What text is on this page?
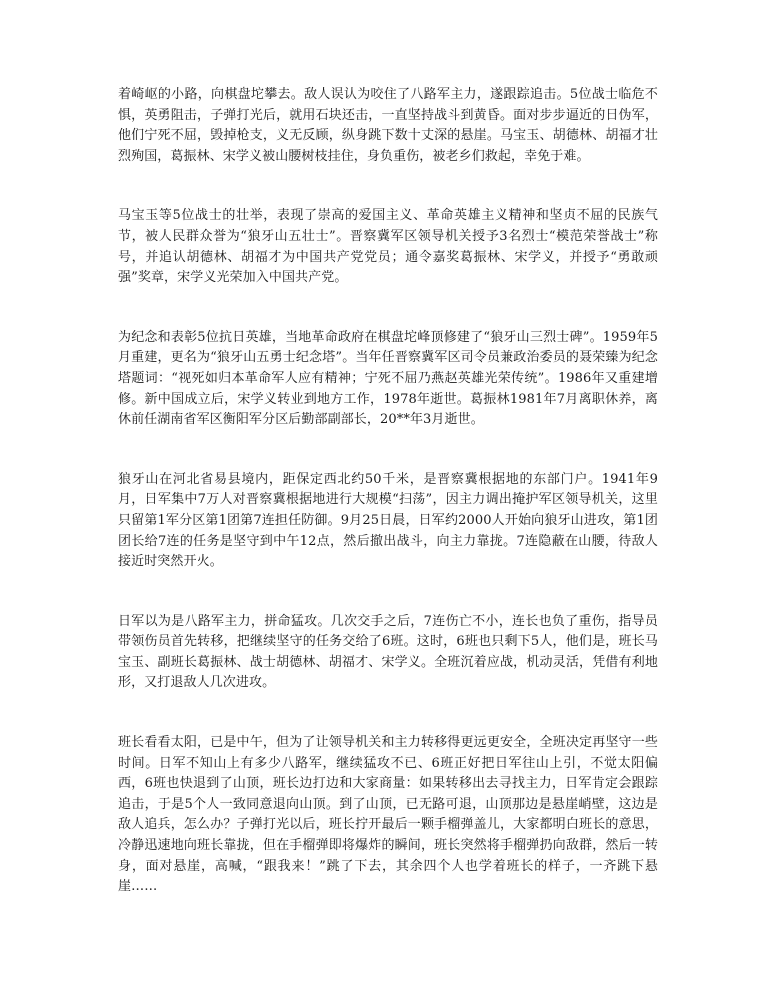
着崎岖的小路，向棋盘坨攀去。敌人误认为咬住了八路军主力，遂跟踪追击。5位战士临危不惧，英勇阻击，子弹打光后，就用石块还击，一直坚持战斗到黄昏。面对步步逼近的日伪军，他们宁死不屈，毁掉枪支，义无反顾，纵身跳下数十丈深的悬崖。马宝玉、胡德林、胡福才壮烈殉国，葛振林、宋学义被山腰树枝挂住，身负重伤，被老乡们救起，幸免于难。

马宝玉等5位战士的壮举，表现了崇高的爱国主义、革命英雄主义精神和坚贞不屈的民族气节，被人民群众誉为“狼牙山五壮士”。晋察冀军区领导机关授予3名烈士“模范荣誉战士”称号，并追认胡德林、胡福才为中国共产党党员；通令嘉奖葛振林、宋学义，并授予“勇敢顽强”奖章，宋学义光荣加入中国共产党。

为纪念和表彰5位抗日英雄，当地革命政府在棋盘坨峰顶修建了“狼牙山三烈士碑”。1959年5月重建，更名为“狼牙山五勇士纪念塔”。当年任晋察冀军区司令员兼政治委员的聂荣臻为纪念塔题词：“视死如归本革命军人应有精神；宁死不屈乃燕赵英雄光荣传统”。1986年又重建增修。新中国成立后，宋学义转业到地方工作，1978年逝世。葛振林1981年7月离职休养，离休前任湖南省军区衡阳军分区后勤部副部长，20**年3月逝世。

狼牙山在河北省易县境内，距保定西北约50千米，是晋察冀根据地的东部门户。1941年9月，日军集中7万人对晋察冀根据地进行大规模“扫荡”，因主力调出掩护军区领导机关，这里只留第1军分区第1团第7连担任防御。9月25日晨，日军约2000人开始向狼牙山进攻，第1团团长给7连的任务是坚守到中午12点，然后撤出战斗，向主力靠拢。7连隐蔽在山腰，待敌人接近时突然开火。

日军以为是八路军主力，拼命猛攻。几次交手之后，7连伤亡不小，连长也负了重伤，指导员带领伤员首先转移，把继续坚守的任务交给了6班。这时，6班也只剩下5人，他们是，班长马宝玉、副班长葛振林、战士胡德林、胡福才、宋学义。全班沉着应战，机动灵活，凭借有利地形，又打退敌人几次进攻。

班长看看太阳，已是中午，但为了让领导机关和主力转移得更远更安全，全班决定再坚守一些时间。日军不知山上有多少八路军，继续猛攻不已、6班正好把日军往山上引，不觉太阳偏西，6班也快退到了山顶，班长边打边和大家商量：如果转移出去寻找主力，日军肯定会跟踪追击，于是5个人一致同意退向山顶。到了山顶，已无路可退，山顶那边是悬崖峭壁，这边是敌人追兵，怎么办？子弹打光以后，班长拧开最后一颗手榴弹盖儿，大家都明白班长的意思，冷静迅速地向班长靠拢，但在手榴弹即将爆炸的瞬间，班长突然将手榴弹扔向敌群，然后一转身，面对悬崖，高喊，“跟我来！”跳了下去，其余四个人也学着班长的样子，一齐跳下悬崖……
